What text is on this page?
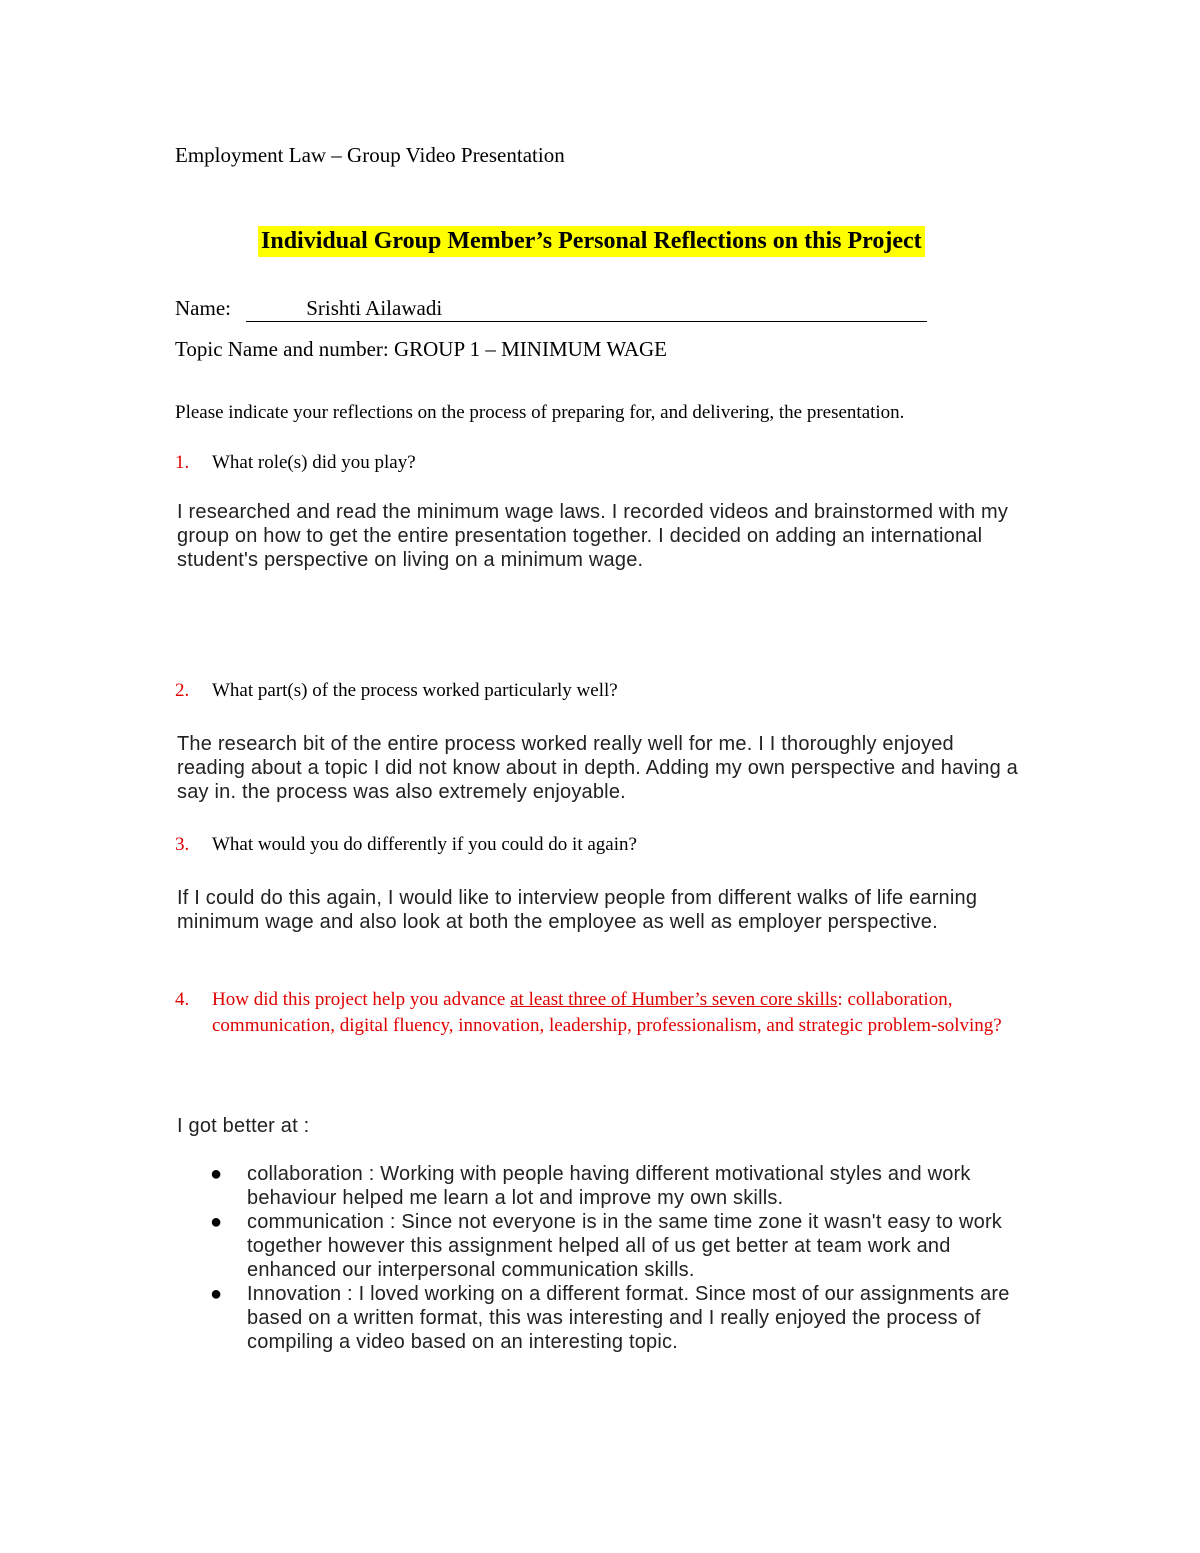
Employment Law – Group Video Presentation
Individual Group Member’s Personal Reflections on this Project
Name:	Srishti Ailawadi
Topic Name and number: GROUP 1 – MINIMUM WAGE
Please indicate your reflections on the process of preparing for, and delivering, the presentation.
1. What role(s) did you play?
I researched and read the minimum wage laws. I recorded videos and brainstormed with my group on how to get the entire presentation together. I decided on adding an international student's perspective on living on a minimum wage.
2. What part(s) of the process worked particularly well?
The research bit of the entire process worked really well for me. I I thoroughly enjoyed reading about a topic I did not know about in depth. Adding my own perspective and having a say in. the process was also extremely enjoyable.
3. What would you do differently if you could do it again?
If I could do this again, I would like to interview people from different walks of life earning minimum wage and also look at both the employee as well as employer perspective.
4. How did this project help you advance at least three of Humber’s seven core skills: collaboration, communication, digital fluency, innovation, leadership, professionalism, and strategic problem-solving?
I got better at :
● collaboration : Working with people having different motivational styles and work behaviour helped me learn a lot and improve my own skills.
● communication : Since not everyone is in the same time zone it wasn't easy to work together however this assignment helped all of us get better at team work and enhanced our interpersonal communication skills.
● Innovation : I loved working on a different format. Since most of our assignments are based on a written format, this was interesting and I really enjoyed the process of compiling a video based on an interesting topic.
